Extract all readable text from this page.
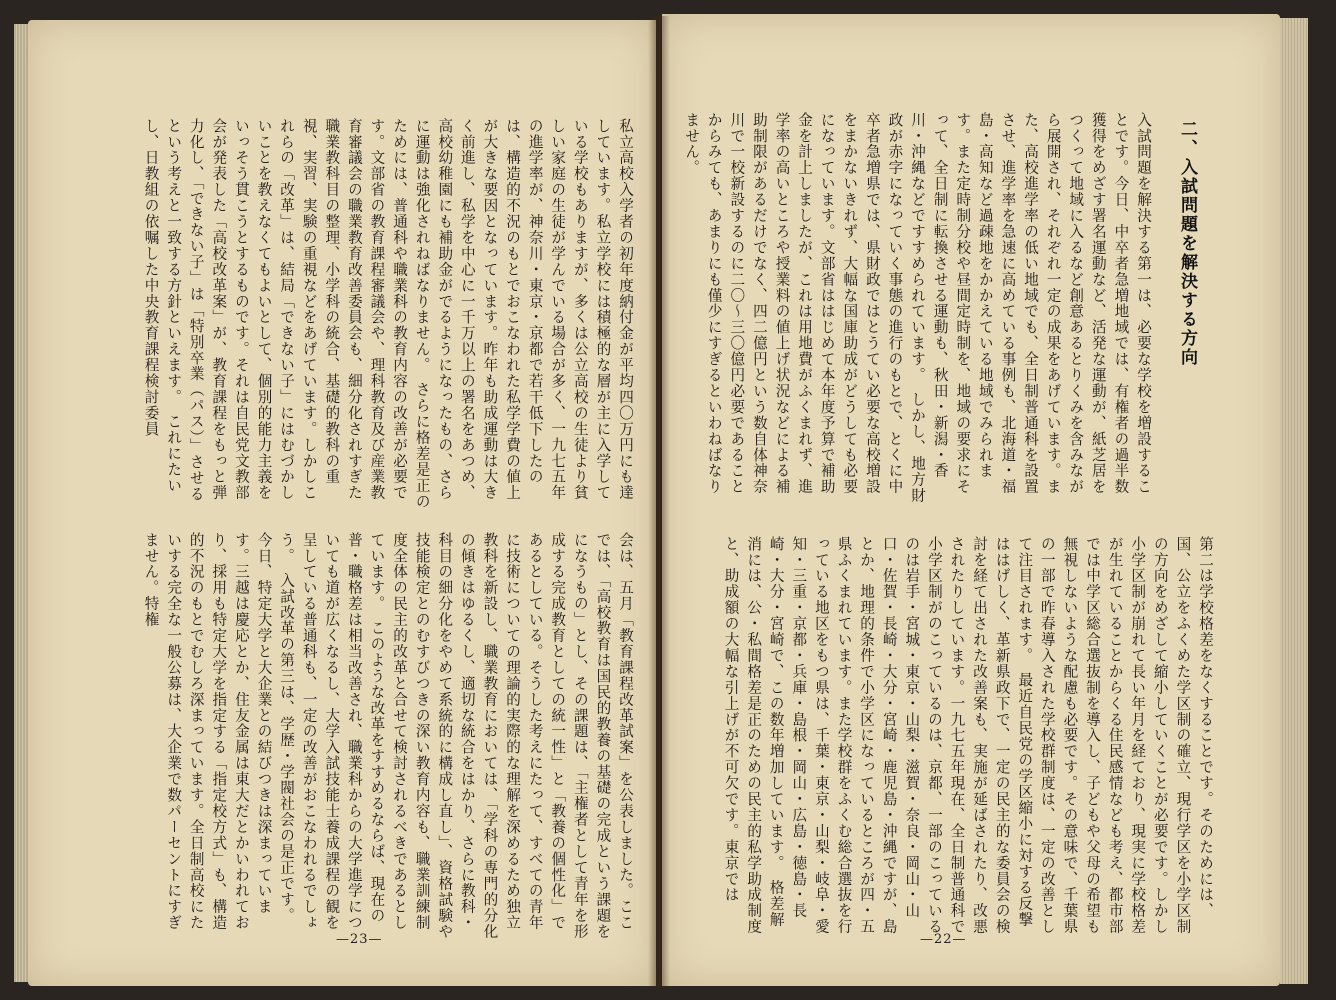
私立高校入学者の初年度納付金が平均四〇万円にも達しています。私立学校には積極的な層が主に入学している学校もありますが、多くは公立高校の生徒より貧しい家庭の生徒が学んでいる場合が多く、一九七五年の進学率が、神奈川・東京・京都で若干低下したのは、構造的不況のもとでおこなわれた私学学費の値上が大きな要因となっています。昨年も助成運動は大きく前進し、私学を中心に一千万以上の署名をあつめ、高校幼稚園にも補助金がでるようになったもの、さらに運動は強化されねばなりません。　さらに格差是正のためには、普通科や職業科の教育内容の改善が必要です。文部省の教育課程審議会や、理科教育及び産業教育審議会の職業教育改善委員会も、細分化されすぎた職業教科目の整理、小学科の統合、基礎的教科の重視、実習、実験の重視などをあげています。しかしこれらの「改革」は、結局「できない子」にはむづかしいことを教えなくてもよいとして、個別的能力主義をいっそう貫こうとするものです。それは自民党文教部会が発表した「高校改革案」が、教育課程をもっと弾力化し、「できない子」は「特別卒業（パス）」させるという考えと一致する方針といえます。　これにたいし、日教組の依嘱した中央教育課程検討委員
会は、五月「教育課程改革試案」を公表しました。ここでは、「高校教育は国民的教養の基礎の完成という課題をになうもの」とし、その課題は、「主権者として青年を形成する完成教育としての統一性」と「教養の個性化」であるとしている。そうした考えにたって、すべての青年に技術についての理論的実際的な理解を深めるため独立教科を新設し、職業教育においては、「学科の専門的分化の傾きはゆるくし、適切な統合をはかり、さらに教科・科目の細分化をやめて系統的に構成し直し」、資格試験や技能検定とのむすびつきの深い教育内容も、職業訓練制度全体の民主的改革と合せて検討されるべきであるとしています。　このような改革をすすめるならば、現在の普・職格差は相当改善され、職業科からの大学進学についても道が広くなるし、大学入試技能士養成課程の観を呈している普通科も、一定の改善がおこなわれるでしょう。　入試改革の第三は、学歴・学閥社会の是正です。　今日、特定大学と大企業との結びつきは深まっています。三越は慶応とか、住友金属は東大だとかいわれており、採用も特定大学を指定する「指定校方式」も、構造的不況のもとでむしろ深まっています。全日制高校にたいする完全な一般公募は、大企業で数パーセントにすぎません。特権
—23—
二、入試問題を解決する方向
入試問題を解決する第一は、必要な学校を増設することです。今日、中卒者急増地域では、有権者の過半数獲得をめざす署名運動など、活発な運動が、紙芝居をつくって地域に入るなど創意あるとりくみを含みながら展開され、それぞれ一定の成果をあげています。また、高校進学率の低い地域でも、全日制普通科を設置させ、進学率を急速に高めている事例も、北海道・福島・高知など過疎地をかかえている地域でみられます。また定時制分校や昼間定時制を、地域の要求にそって、全日制に転換させる運動も、秋田・新潟・香川・沖縄などですすめられています。　しかし、地方財政が赤字になっていく事態の進行のもとで、とくに中卒者急増県では、県財政ではとうてい必要な高校増設をまかないきれず、大幅な国庫助成がどうしても必要になっています。文部省ははじめて本年度予算で補助金を計上しましたが、これは用地費がふくまれず、進学率の高いところや授業料の値上げ状況などによる補助制限があるだけでなく、四二億円という数自体神奈川で一校新設するのに二〇～三〇億円必要であることからみても、あまりにも僅少にすぎるといわねばなりません。
第二は学校格差をなくすることです。そのためには、国、公立をふくめた学区制の確立、現行学区を小学区制の方向をめざして縮小していくことが必要です。しかし小学区制が崩れて長い年月を経ており、現実に学校格差が生れていることからくる住民感情なども考え、都市部では中学区総合選抜制を導入し、子どもや父母の希望も無視しないような配慮も必要です。その意味で、千葉県の一部で昨春導入された学校群制度は、一定の改善として注目されます。　最近自民党の学区縮小に対する反撃ははげしく、革新県政下で、一定の民主的な委員会の検討を経て出された改善案も、実施が延ばされたり、改悪されたりしています。一九七五年現在、全日制普通科で小学区制がのこっているのは、京都、一部のこっているのは岩手・宮城・東京・山梨・滋賀・奈良・岡山・山口・佐賀・長崎・大分・宮崎・鹿児島・沖縄ですが、島とか、地理的条件で小学区になっているところが四・五県ふくまれています。また学校群をふくむ総合選抜を行っている地区をもつ県は、千葉・東京・山梨・岐阜・愛知・三重・京都・兵庫・島根・岡山・広島・徳島・長崎・大分・宮崎で、この数年増加しています。　格差解消には、公・私間格差是正のための民主的私学助成制度と、助成額の大幅な引上げが不可欠です。東京では
—22—
